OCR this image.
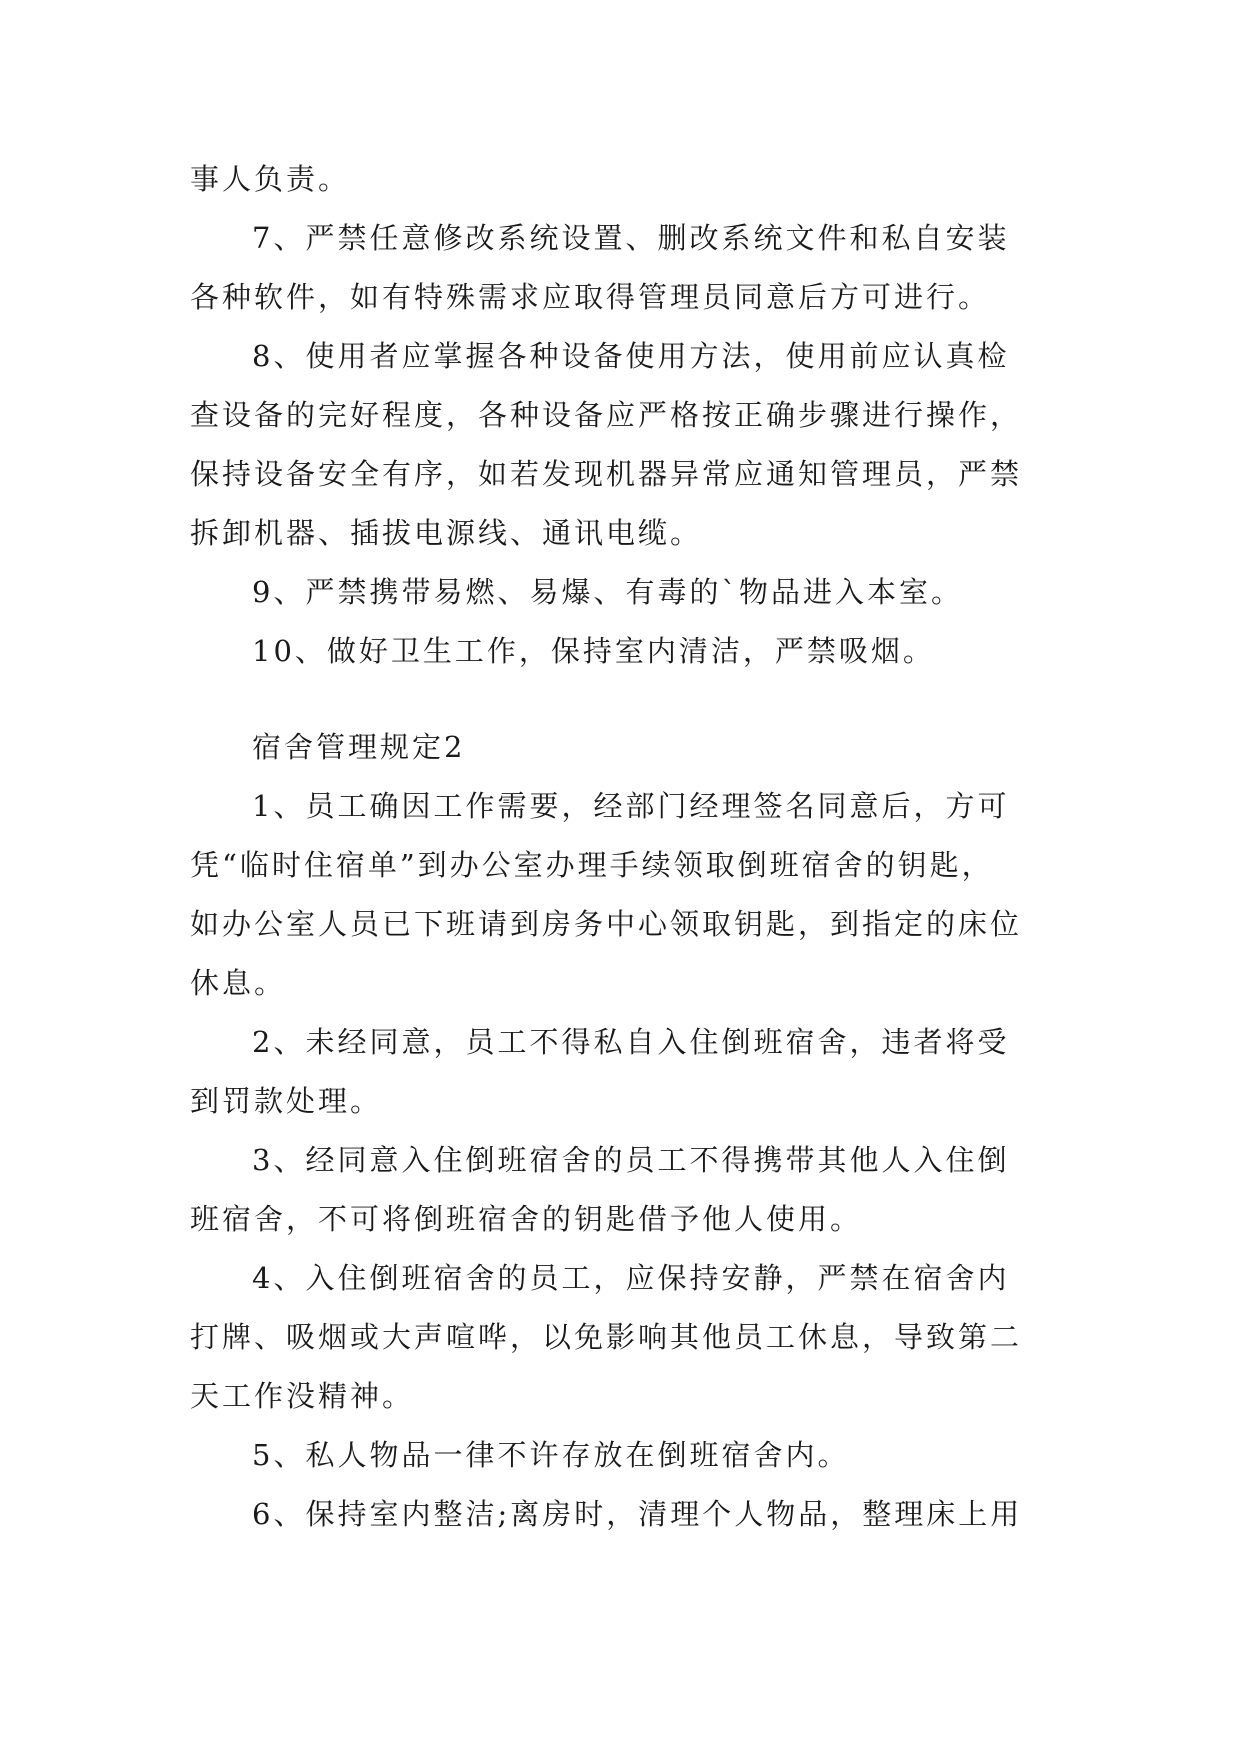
事人负责。
7、严禁任意修改系统设置、删改系统文件和私自安装
各种软件，如有特殊需求应取得管理员同意后方可进行。
8、使用者应掌握各种设备使用方法，使用前应认真检
查设备的完好程度，各种设备应严格按正确步骤进行操作，
保持设备安全有序，如若发现机器异常应通知管理员，严禁
拆卸机器、插拔电源线、通讯电缆。
9、严禁携带易燃、易爆、有毒的`物品进入本室。
10、做好卫生工作，保持室内清洁，严禁吸烟。
宿舍管理规定2
1、员工确因工作需要，经部门经理签名同意后，方可
凭“临时住宿单”到办公室办理手续领取倒班宿舍的钥匙，
如办公室人员已下班请到房务中心领取钥匙，到指定的床位
休息。
2、未经同意，员工不得私自入住倒班宿舍，违者将受
到罚款处理。
3、经同意入住倒班宿舍的员工不得携带其他人入住倒
班宿舍，不可将倒班宿舍的钥匙借予他人使用。
4、入住倒班宿舍的员工，应保持安静，严禁在宿舍内
打牌、吸烟或大声喧哗，以免影响其他员工休息，导致第二
天工作没精神。
5、私人物品一律不许存放在倒班宿舍内。
6、保持室内整洁;离房时，清理个人物品，整理床上用
